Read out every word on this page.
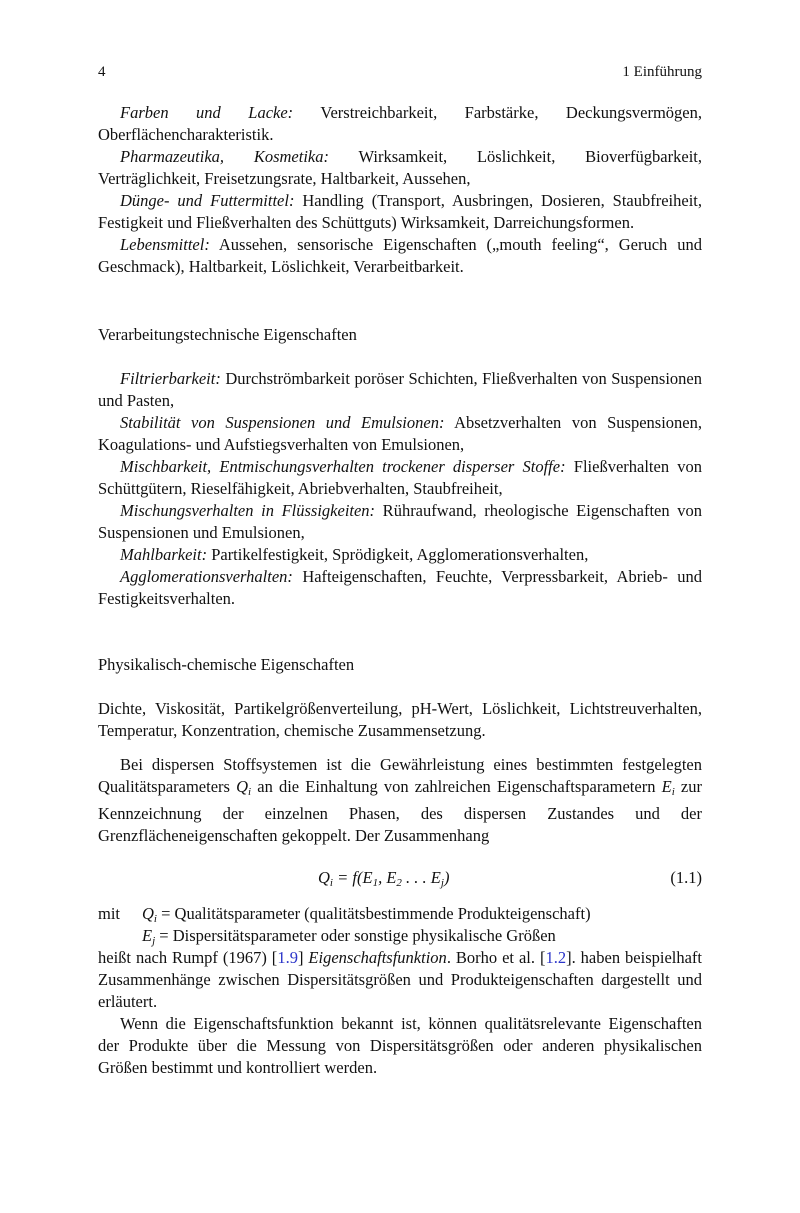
4	1 Einführung

Farben und Lacke: Verstreichbarkeit, Farbstärke, Deckungsvermögen, Oberflächencharakteristik.

Pharmazeutika, Kosmetika: Wirksamkeit, Löslichkeit, Bioverfügbarkeit, Verträglichkeit, Freisetzungsrate, Haltbarkeit, Aussehen,

Dünge- und Futtermittel: Handling (Transport, Ausbringen, Dosieren, Staubfreiheit, Festigkeit und Fließverhalten des Schüttguts) Wirksamkeit, Darreichungsformen.

Lebensmittel: Aussehen, sensorische Eigenschaften („mouth feeling“, Geruch und Geschmack), Haltbarkeit, Löslichkeit, Verarbeitbarkeit.

Verarbeitungstechnische Eigenschaften

Filtrierbarkeit: Durchströmbarkeit poröser Schichten, Fließverhalten von Suspensionen und Pasten,

Stabilität von Suspensionen und Emulsionen: Absetzverhalten von Suspensionen, Koagulations- und Aufstiegsverhalten von Emulsionen,

Mischbarkeit, Entmischungsverhalten trockener disperser Stoffe: Fließverhalten von Schüttgütern, Rieselfähigkeit, Abriebverhalten, Staubfreiheit,

Mischungsverhalten in Flüssigkeiten: Rühraufwand, rheologische Eigenschaften von Suspensionen und Emulsionen,

Mahlbarkeit: Partikelfestigkeit, Sprödigkeit, Agglomerationsverhalten,

Agglomerationsverhalten: Hafteigenschaften, Feuchte, Verpressbarkeit, Abrieb- und Festigkeitsverhalten.

Physikalisch-chemische Eigenschaften

Dichte, Viskosität, Partikelgrößenverteilung, pH-Wert, Löslichkeit, Lichtstreuverhalten, Temperatur, Konzentration, chemische Zusammensetzung.

Bei dispersen Stoffsystemen ist die Gewährleistung eines bestimmten festgelegten Qualitätsparameters $Q_i$ an die Einhaltung von zahlreichen Eigenschaftsparametern $E_i$ zur Kennzeichnung der einzelnen Phasen, des dispersen Zustandes und der Grenzflächeneigenschaften gekoppelt. Der Zusammenhang

$Q_i = f(E_1$, $E_2$ . . . $E_j$)	(1.1)
mit $Q_i$ = Qualitätsparameter (qualitätsbestimmende Produkteigenschaft)
$E_j$ = Dispersitätsparameter oder sonstige physikalische Größen

heißt nach Rumpf (1967) [1.9] Eigenschaftsfunktion. Borho et al. [1.2]. haben beispielhaft Zusammenhänge zwischen Dispersitätsgrößen und Produkteigenschaften dargestellt und erläutert.

Wenn die Eigenschaftsfunktion bekannt ist, können qualitätsrelevante Eigenschaften der Produkte über die Messung von Dispersitätsgrößen oder anderen physikalischen Größen bestimmt und kontrolliert werden.
